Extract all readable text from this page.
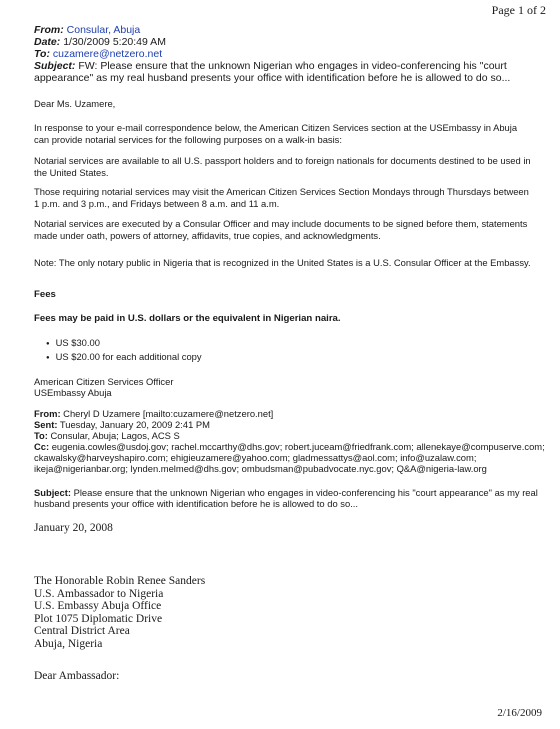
Page 1 of 2
From: Consular, Abuja
Date: 1/30/2009 5:20:49 AM
To: cuzamere@netzero.net
Subject: FW: Please ensure that the unknown Nigerian who engages in video-conferencing his "court
appearance" as my real husband presents your office with identification before he is allowed to do so...
Dear Ms. Uzamere,
In response to your e-mail correspondence below, the American Citizen Services section at the USEmbassy in Abuja can provide notarial services for the following purposes on a walk-in basis:
Notarial services are available to all U.S. passport holders and to foreign nationals for documents destined to be used in the United States.
Those requiring notarial services may visit the American Citizen Services Section Mondays through Thursdays between 1 p.m. and 3 p.m., and Fridays between 8 a.m. and 11 a.m.
Notarial services are executed by a Consular Officer and may include documents to be signed before them, statements made under oath, powers of attorney, affidavits, true copies, and acknowledgments.
Note: The only notary public in Nigeria that is recognized in the United States is a U.S. Consular Officer at the Embassy.
Fees
Fees may be paid in U.S. dollars or the equivalent in Nigerian naira.
● US $30.00
● US $20.00 for each additional copy
American Citizen Services Officer
USEmbassy Abuja
From: Cheryl D Uzamere [mailto:cuzamere@netzero.net]
Sent: Tuesday, January 20, 2009 2:41 PM
To: Consular, Abuja; Lagos, ACS S
Cc: eugenia.cowles@usdoj.gov; rachel.mccarthy@dhs.gov; robert.juceam@friedfrank.com; allenekaye@compuserve.com; ckawalsky@harveyshapiro.com; ehigieuzamere@yahoo.com; gladmessattys@aol.com; info@uzalaw.com; ikeja@nigerianbar.org; lynden.melmed@dhs.gov; ombudsman@pubadvocate.nyc.gov; Q&A@nigeria-law.org
Subject: Please ensure that the unknown Nigerian who engages in video-conferencing his "court appearance" as my real husband presents your office with identification before he is allowed to do so...
January 20, 2008
The Honorable Robin Renee Sanders
U.S. Ambassador to Nigeria
U.S. Embassy Abuja Office
Plot 1075 Diplomatic Drive
Central District Area
Abuja, Nigeria
Dear Ambassador:
2/16/2009
